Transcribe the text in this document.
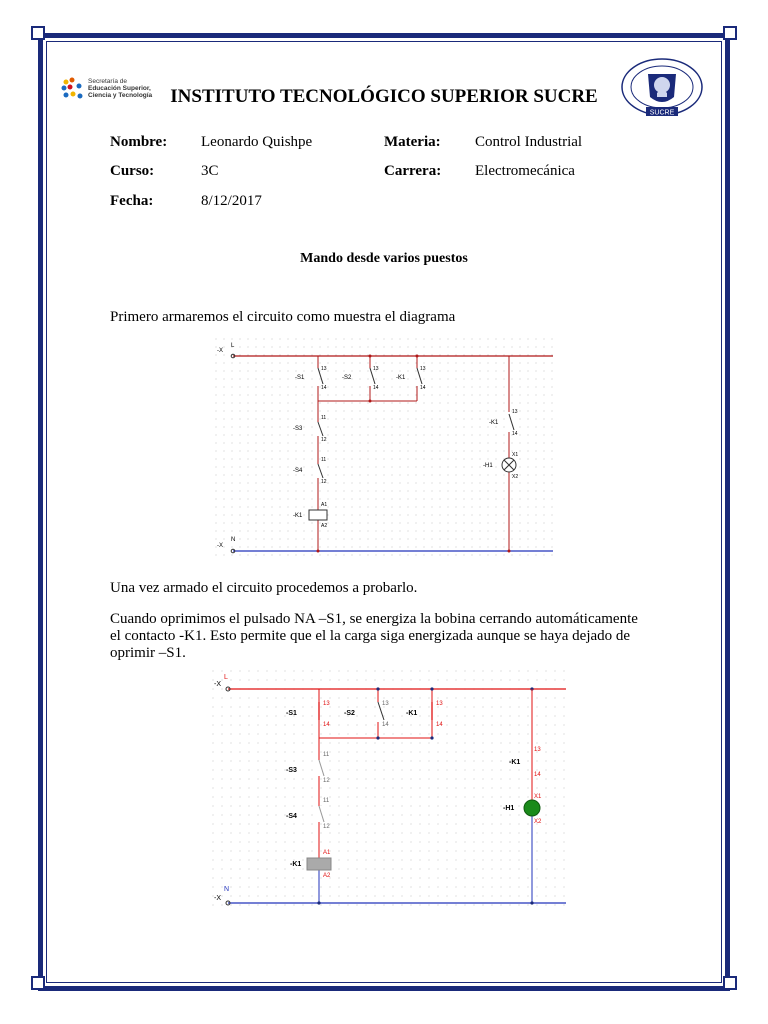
Secretaría de
Educación Superior,
Ciencia y Tecnología INSTITUTO TECNOLÓGICO SUPERIOR SUCRE
SUCRE
Nombre: Leonardo Quishpe	Materia: Control Industrial
Curso:	3C	Carrera: Electromecánica
Fecha:	8/12/2017
Mando desde varios puestos
Primero armaremos el circuito como muestra el diagrama
-X
L
-X
N
-S1	-S2	-K1
13
14
13
14
13
14
-S3
11
12
-S4
11
12
-K1
A1
A2
-K1
13
14
-H1
X1
X2
Una vez armado el circuito procedemos a probarlo.
Cuando oprimimos el pulsado NA –S1, se energiza la bobina cerrando automáticamente
el contacto -K1. Esto permite que el la carga siga energizada aunque se haya dejado de
oprimir –S1.
-X
L
-X
N
-S1	-S2	-K1
13
14
13
14
13
14
-S3
11
12
-S4
11
12
-K1
A1
A2
-K1
13
14
-H1
X1
X2
